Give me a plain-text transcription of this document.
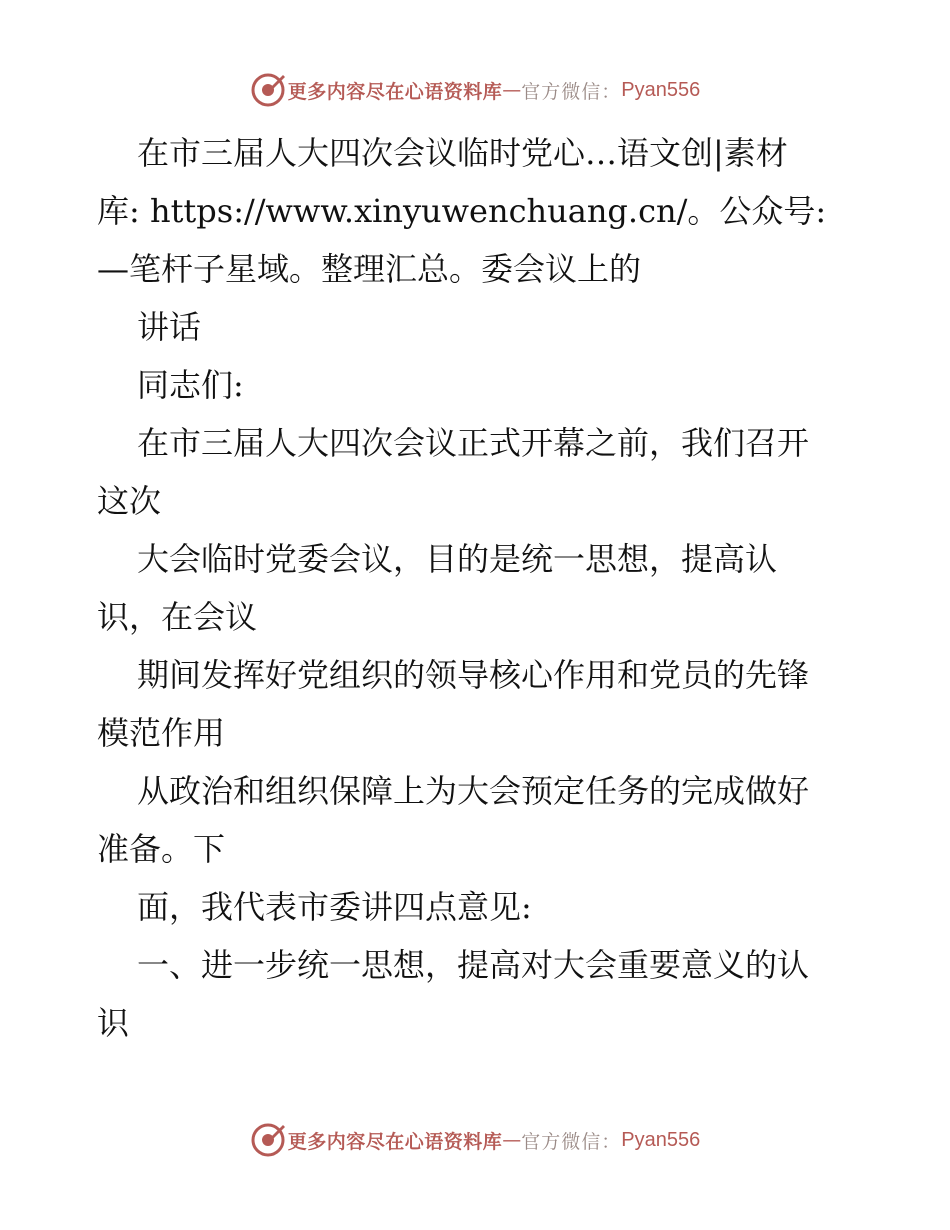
更多内容尽在心语资料库 — 官方微信： Pyan556
在市三届人大四次会议临时党心…语文创|素材
库: https://www.xinyuwenchuang.cn/。公众号:
—笔杆子星域。整理汇总。委会议上的
讲话
同志们:
在市三届人大四次会议正式开幕之前，我们召开
这次
大会临时党委会议，目的是统一思想，提高认
识，在会议
期间发挥好党组织的领导核心作用和党员的先锋
模范作用
从政治和组织保障上为大会预定任务的完成做好
准备。下
面，我代表市委讲四点意见:
一、进一步统一思想，提高对大会重要意义的认
识
更多内容尽在心语资料库 — 官方微信： Pyan556
